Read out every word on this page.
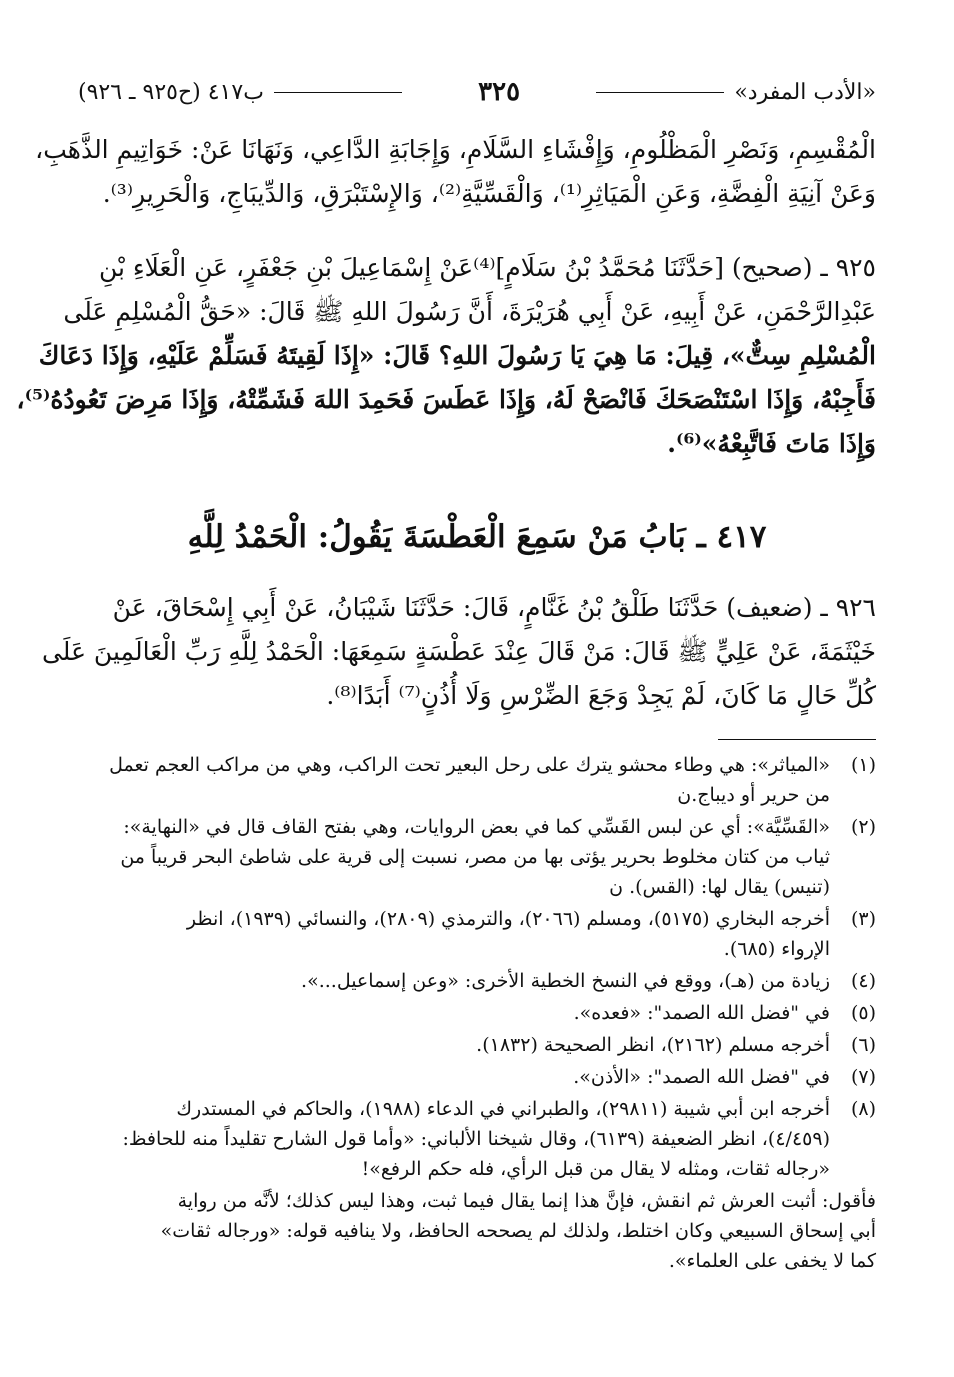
«الأدب المفرد»
٣٢٥
ب٤١٧ (ح٩٢٥ ـ ٩٢٦)
الْمُقْسِمِ، وَنَصْرِ الْمَظْلُومِ، وَإِفْشَاءِ السَّلَامِ، وَإِجَابَةِ الدَّاعِي، وَنَهَانَا عَنْ: خَوَاتِيمِ الذَّهَبِ،
وَعَنْ آنِيَةِ الْفِضَّةِ، وَعَنِ الْمَيَاثِرِ⁽¹⁾، وَالْقَسِّيَّةِ⁽²⁾، وَالإِسْتَبْرَقِ، وَالدِّيبَاجِ، وَالْحَرِيرِ⁽³⁾.
٩٢٥ ـ (صحيح) [حَدَّثَنَا مُحَمَّدُ بْنُ سَلَامٍ]⁽⁴⁾عَنْ إِسْمَاعِيلَ بْنِ جَعْفَرٍ، عَنِ الْعَلَاءِ بْنِ
عَبْدِالرَّحْمَنِ، عَنْ أَبِيهِ، عَنْ أَبِي هُرَيْرَةَ، أَنَّ رَسُولَ اللهِ ﷺ قَالَ: «حَقُّ الْمُسْلِمِ عَلَى
الْمُسْلِمِ سِتٌّ»، قِيلَ: مَا هِيَ يَا رَسُولَ اللهِ؟ قَالَ: «إِذَا لَقِيتَهُ فَسَلِّمْ عَلَيْهِ، وَإِذَا دَعَاكَ
فَأَجِبْهُ، وَإِذَا اسْتَنْصَحَكَ فَانْصَحْ لَهُ، وَإِذَا عَطَسَ فَحَمِدَ اللهَ فَشَمِّتْهُ، وَإِذَا مَرِضَ تَعُودُهُ⁽⁵⁾،
وَإِذَا مَاتَ فَاتَّبِعْهُ»⁽⁶⁾.
٤١٧ ـ بَابُ مَنْ سَمِعَ الْعَطْسَةَ يَقُولُ: الْحَمْدُ لِلَّهِ
٩٢٦ ـ (ضعيف) حَدَّثَنَا طَلْقُ بْنُ غَنَّامٍ، قَالَ: حَدَّثَنَا شَيْبَانُ، عَنْ أَبِي إِسْحَاقَ، عَنْ
خَيْثَمَةَ، عَنْ عَلِيٍّ ﷺ قَالَ: مَنْ قَالَ عِنْدَ عَطْسَةٍ سَمِعَهَا: الْحَمْدُ لِلَّهِ رَبِّ الْعَالَمِينَ عَلَى
كُلِّ حَالٍ مَا كَانَ، لَمْ يَجِدْ وَجَعَ الضِّرْسِ وَلَا أُذُنٍ⁽⁷⁾ أَبَدًا⁽⁸⁾.
(١)
«المياثر»: هي وطاء محشو يترك على رحل البعير تحت الراكب، وهي من مراكب العجم تعمل
من حرير أو ديباج.ن
(٢)
«القَسِّيَّة»: أي عن لبس القَسِّي كما في بعض الروايات، وهي بفتح القاف قال في «النهاية»:
ثياب من كتان مخلوط بحرير يؤتى بها من مصر، نسبت إلى قرية على شاطئ البحر قريباً من
(تنيس) يقال لها: (القس). ن
(٣)
أخرجه البخاري (٥١٧٥)، ومسلم (٢٠٦٦)، والترمذي (٢٨٠٩)، والنسائي (١٩٣٩)، انظر
الإرواء (٦٨٥).
(٤)
زيادة من (هـ)، ووقع في النسخ الخطية الأخرى: «وعن إسماعيل...».
(٥)
في "فضل الله الصمد": «فعده».
(٦)
أخرجه مسلم (٢١٦٢)، انظر الصحيحة (١٨٣٢).
(٧)
في "فضل الله الصمد": «الأذن».
(٨)
أخرجه ابن أبي شيبة (٢٩٨١١)، والطبراني في الدعاء (١٩٨٨)، والحاكم في المستدرك
(٤/٤٥٩)، انظر الضعيفة (٦١٣٩)، وقال شيخنا الألباني: «وأما قول الشارح تقليداً منه للحافظ:
«رجاله ثقات، ومثله لا يقال من قبل الرأي، فله حكم الرفع»!
فأقول: أثبت العرش ثم انقش، فإنَّ هذا إنما يقال فيما ثبت، وهذا ليس كذلك؛ لأنَّه من رواية
أبي إسحاق السبيعي وكان اختلط، ولذلك لم يصححه الحافظ، ولا ينافيه قوله: «ورجاله ثقات»
كما لا يخفى على العلماء».
